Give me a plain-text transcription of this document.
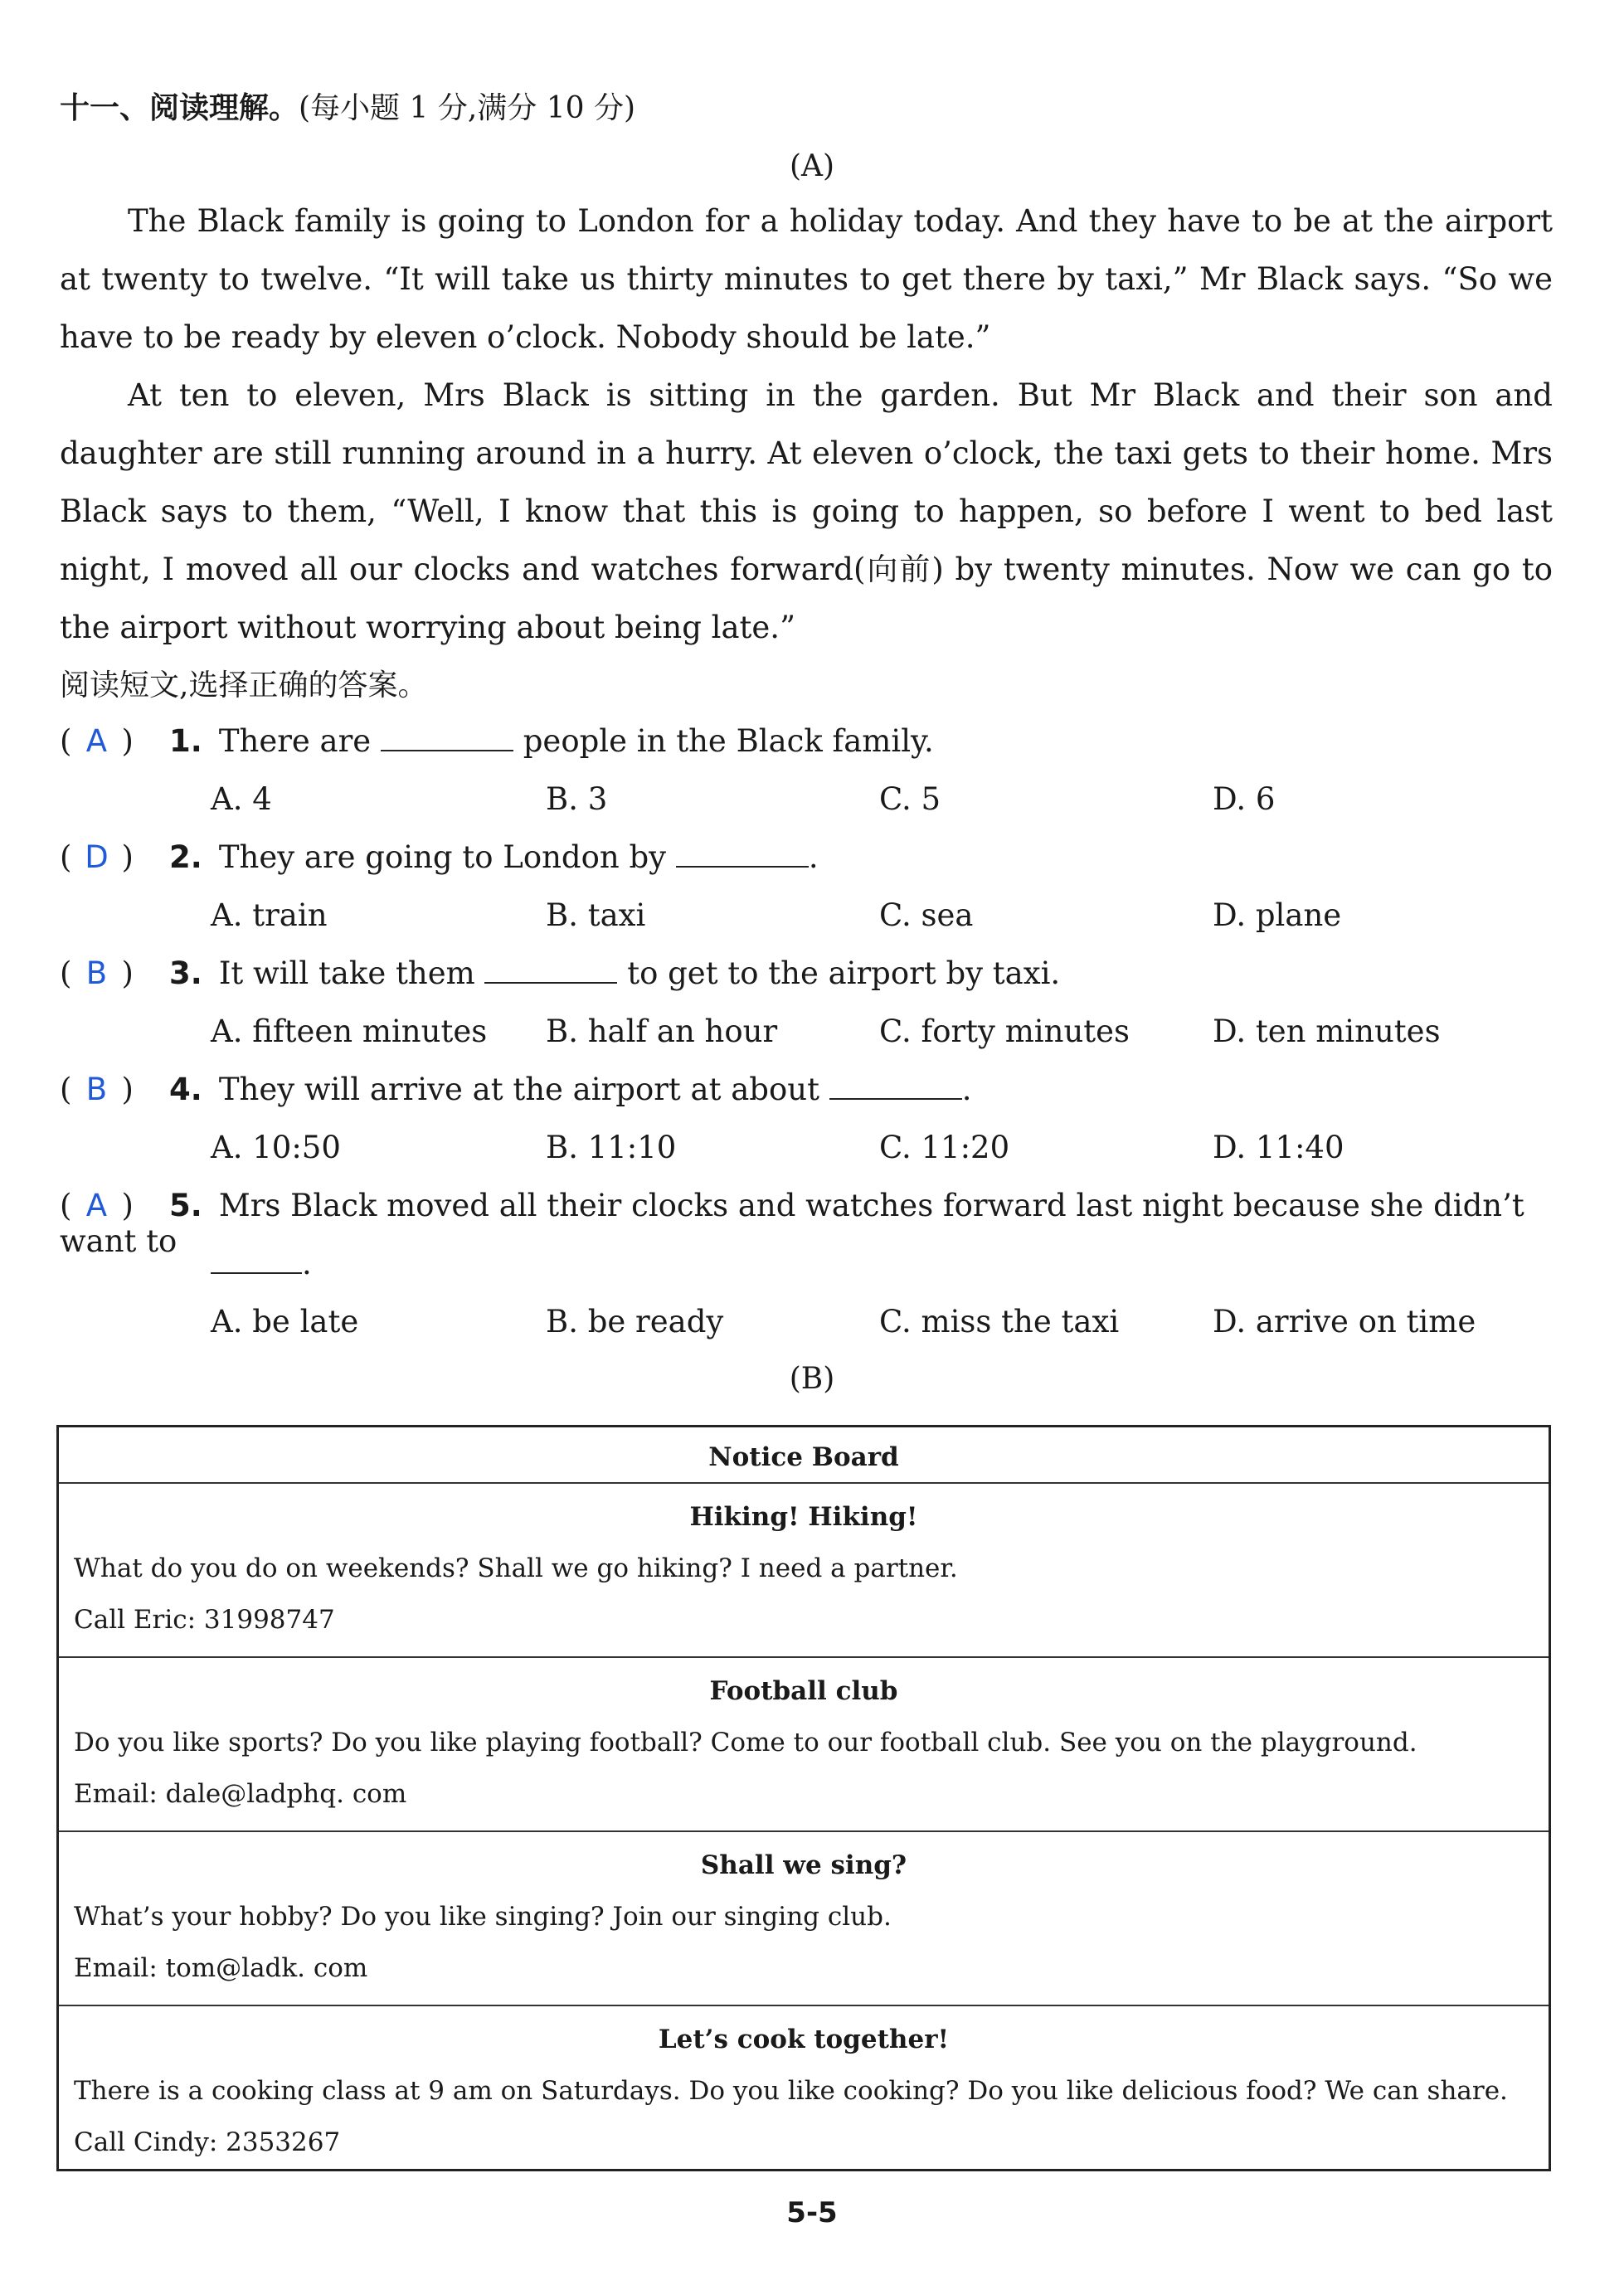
十一、阅读理解。(每小题 1 分,满分 10 分)
(A)

The Black family is going to London for a holiday today. And they have to be at the airport at twenty to twelve. “It will take us thirty minutes to get there by taxi,” Mr Black says. “So we have to be ready by eleven o’clock. Nobody should be late.”

At ten to eleven, Mrs Black is sitting in the garden. But Mr Black and their son and daughter are still running around in a hurry. At eleven o’clock, the taxi gets to their home. Mrs Black says to them, “Well, I know that this is going to happen, so before I went to bed last night, I moved all our clocks and watches forward(向前) by twenty minutes. Now we can go to the airport without worrying about being late.”

阅读短文,选择正确的答案。
( A ) 1. There are	people in the Black family.
A. 4	B. 3	C. 5	D. 6
( D ) 2. They are going to London by	.
A. train	B. taxi	C. sea	D. plane
( B ) 3. It will take them	to get to the airport by taxi.
A. fifteen minutes B. half an hour	C. forty minutes	D. ten minutes
( B ) 4. They will arrive at the airport at about	.
A. 10:50	B. 11:10	C. 11:20	D. 11:40
( A ) 5. Mrs Black moved all their clocks and watches forward last night because she didn’t want to
.
A. be late	B. be ready	C. miss the taxi	D. arrive on time
(B)
Notice Board
Hiking! Hiking!
What do you do on weekends? Shall we go hiking? I need a partner.
Call Eric: 31998747
Football club
Do you like sports? Do you like playing football? Come to our football club. See you on the playground.
Email: dale@ladphq. com
Shall we sing?
What’s your hobby? Do you like singing? Join our singing club.
Email: tom@ladk. com
Let’s cook together!
There is a cooking class at 9 am on Saturdays. Do you like cooking? Do you like delicious food? We can share.
Call Cindy: 2353267
5-5
